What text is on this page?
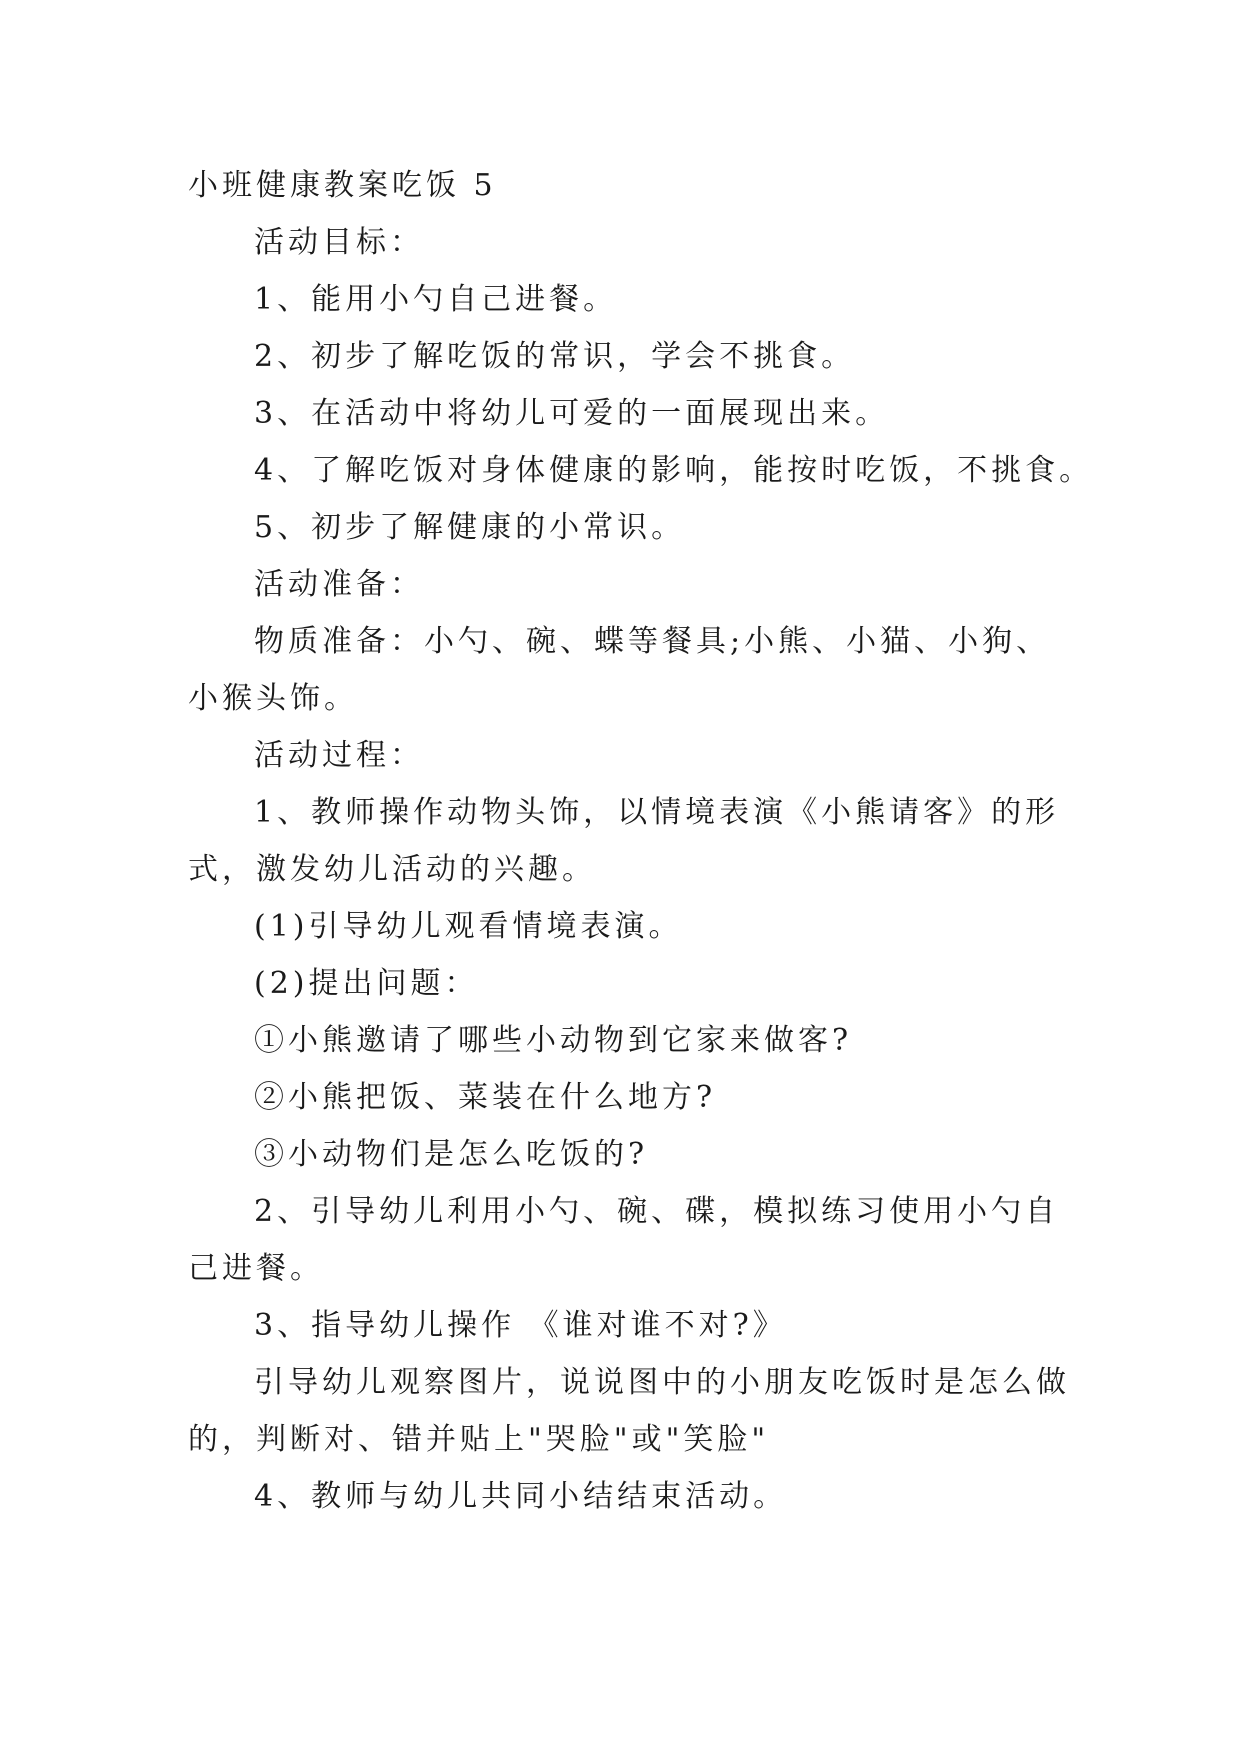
小班健康教案吃饭 5
活动目标：
1、能用小勺自己进餐。
2、初步了解吃饭的常识，学会不挑食。
3、在活动中将幼儿可爱的一面展现出来。
4、了解吃饭对身体健康的影响，能按时吃饭，不挑食。
5、初步了解健康的小常识。
活动准备：
物质准备：小勺、碗、蝶等餐具;小熊、小猫、小狗、
小猴头饰。
活动过程：
1、教师操作动物头饰，以情境表演《小熊请客》的形
式，激发幼儿活动的兴趣。
(1)引导幼儿观看情境表演。
(2)提出问题：
①小熊邀请了哪些小动物到它家来做客?
②小熊把饭、菜装在什么地方?
③小动物们是怎么吃饭的?
2、引导幼儿利用小勺、碗、碟，模拟练习使用小勺自
己进餐。
3、指导幼儿操作 《谁对谁不对?》
引导幼儿观察图片，说说图中的小朋友吃饭时是怎么做
的，判断对、错并贴上"哭脸"或"笑脸"
4、教师与幼儿共同小结结束活动。
